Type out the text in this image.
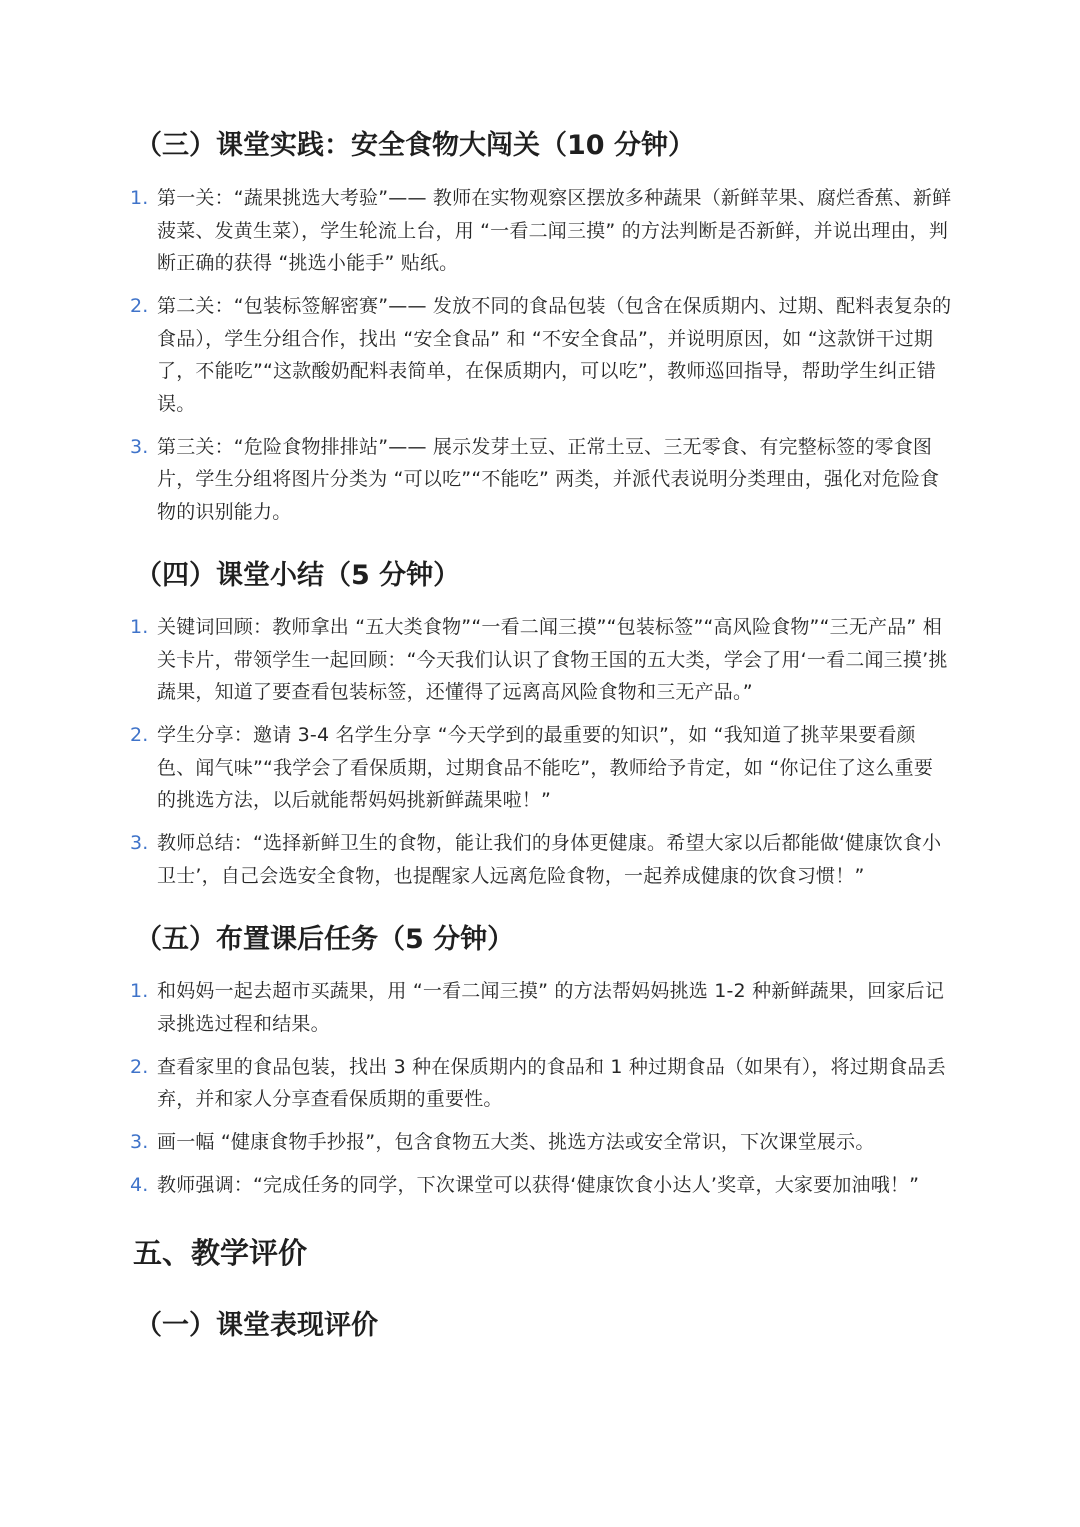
（三）课堂实践：安全食物大闯关（10 分钟）
1. 第一关：“蔬果挑选大考验”—— 教师在实物观察区摆放多种蔬果（新鲜苹果、腐烂香蕉、新鲜菠菜、发黄生菜），学生轮流上台，用 “一看二闻三摸” 的方法判断是否新鲜，并说出理由，判断正确的获得 “挑选小能手” 贴纸。
2. 第二关：“包装标签解密赛”—— 发放不同的食品包装（包含在保质期内、过期、配料表复杂的食品），学生分组合作，找出 “安全食品” 和 “不安全食品”，并说明原因，如 “这款饼干过期了，不能吃”“这款酸奶配料表简单，在保质期内，可以吃”，教师巡回指导，帮助学生纠正错误。
3. 第三关：“危险食物排排站”—— 展示发芽土豆、正常土豆、三无零食、有完整标签的零食图片，学生分组将图片分类为 “可以吃”“不能吃” 两类，并派代表说明分类理由，强化对危险食物的识别能力。
（四）课堂小结（5 分钟）
1. 关键词回顾：教师拿出 “五大类食物”“一看二闻三摸”“包装标签”“高风险食物”“三无产品” 相关卡片，带领学生一起回顾：“今天我们认识了食物王国的五大类，学会了用‘一看二闻三摸’挑蔬果，知道了要查看包装标签，还懂得了远离高风险食物和三无产品。”
2. 学生分享：邀请 3-4 名学生分享 “今天学到的最重要的知识”，如 “我知道了挑苹果要看颜色、闻气味”“我学会了看保质期，过期食品不能吃”，教师给予肯定，如 “你记住了这么重要的挑选方法，以后就能帮妈妈挑新鲜蔬果啦！”
3. 教师总结：“选择新鲜卫生的食物，能让我们的身体更健康。希望大家以后都能做‘健康饮食小卫士’，自己会选安全食物，也提醒家人远离危险食物，一起养成健康的饮食习惯！”
（五）布置课后任务（5 分钟）
1. 和妈妈一起去超市买蔬果，用 “一看二闻三摸” 的方法帮妈妈挑选 1-2 种新鲜蔬果，回家后记录挑选过程和结果。
2. 查看家里的食品包装，找出 3 种在保质期内的食品和 1 种过期食品（如果有），将过期食品丢弃，并和家人分享查看保质期的重要性。
3. 画一幅 “健康食物手抄报”，包含食物五大类、挑选方法或安全常识，下次课堂展示。
4. 教师强调：“完成任务的同学，下次课堂可以获得‘健康饮食小达人’奖章，大家要加油哦！”
五、教学评价
（一）课堂表现评价
